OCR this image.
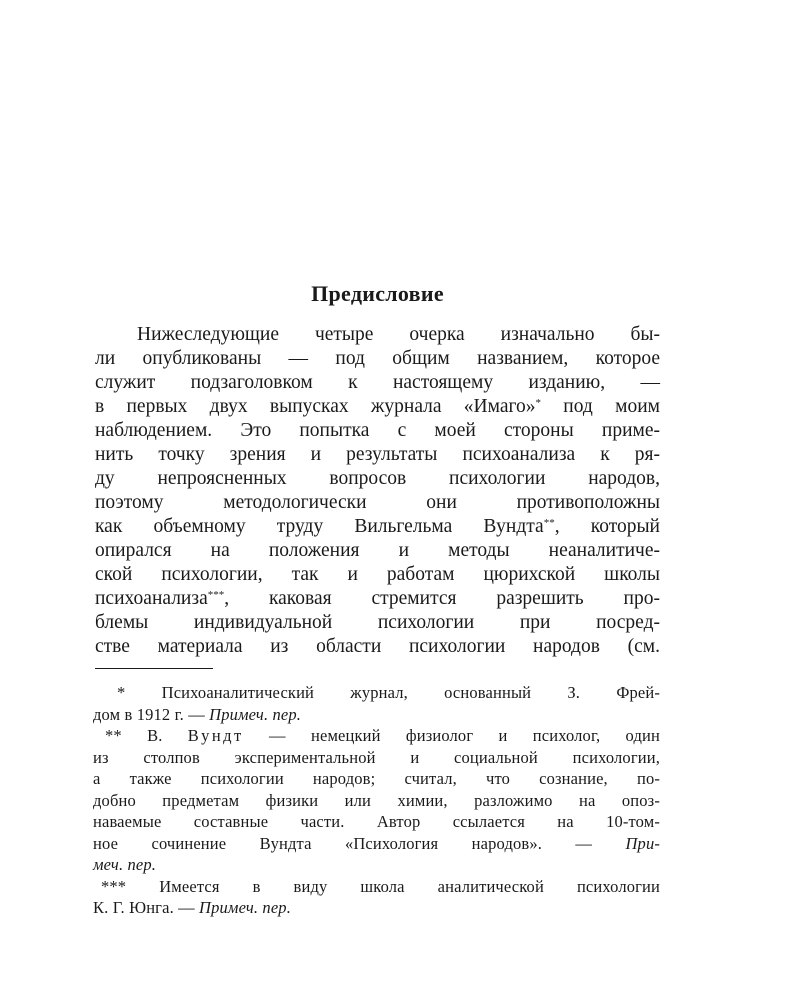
Предисловие
Нижеследующие четыре очерка изначально бы-
ли опубликованы — под общим названием, которое
служит подзаголовком к настоящему изданию, —
в первых двух выпусках журнала «Имаго»* под моим
наблюдением. Это попытка с моей стороны приме-
нить точку зрения и результаты психоанализа к ря-
ду непроясненных вопросов психологии народов,
поэтому методологически они противоположны
как объемному труду Вильгельма Вундта**, который
опирался на положения и методы неаналитиче-
ской психологии, так и работам цюрихской школы
психоанализа***, каковая стремится разрешить про-
блемы индивидуальной психологии при посред-
стве материала из области психологии народов (см.
* Психоаналитический журнал, основанный З. Фрей-
дом в 1912 г. — Примеч. пер.
** В. Вундт — немецкий физиолог и психолог, один
из столпов экспериментальной и социальной психологии,
а также психологии народов; считал, что сознание, по-
добно предметам физики или химии, разложимо на опоз-
наваемые составные части. Автор ссылается на 10-том-
ное сочинение Вундта «Психология народов». — При-
меч. пер.
*** Имеется в виду школа аналитической психологии
К. Г. Юнга. — Примеч. пер.
